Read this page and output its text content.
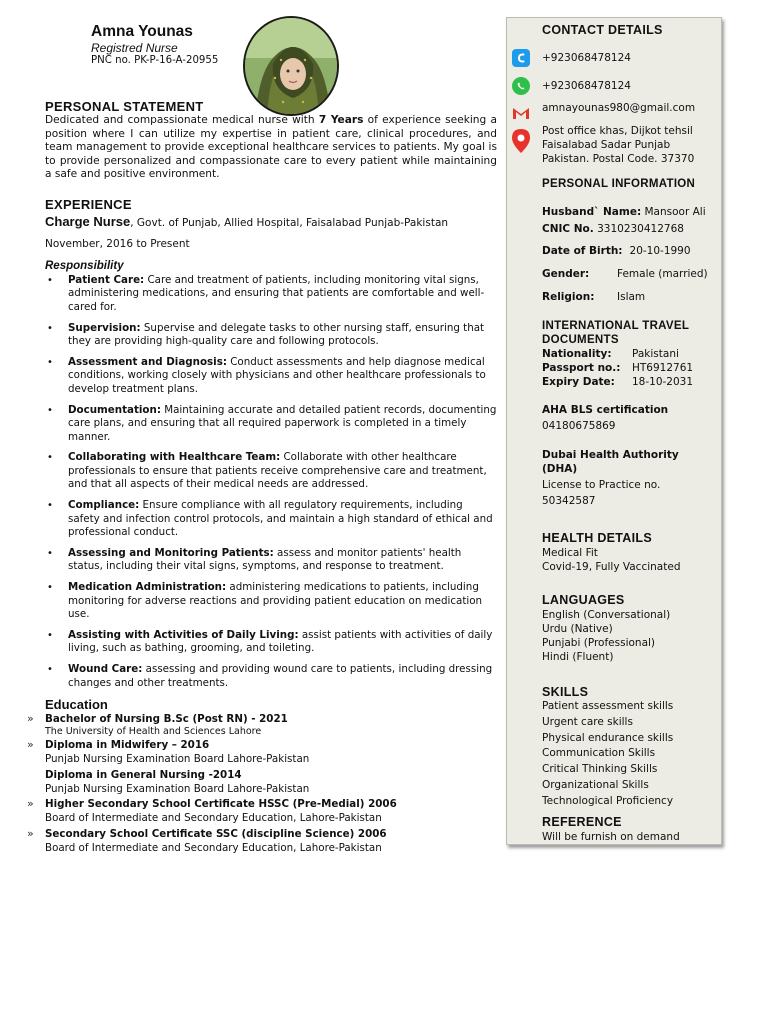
Amna Younas
Registred Nurse
PNC no. PK-P-16-A-20955
PERSONAL STATEMENT
Dedicated and compassionate medical nurse with 7 Years of experience seeking a position where I can utilize my expertise in patient care, clinical procedures, and team management to provide exceptional healthcare services to patients. My goal is to provide personalized and compassionate care to every patient while maintaining a safe and positive environment.
EXPERIENCE
Charge Nurse, Govt. of Punjab, Allied Hospital, Faisalabad Punjab-Pakistan
November, 2016 to Present
Responsibility
• Patient Care: Care and treatment of patients, including monitoring vital signs, administering medications, and ensuring that patients are comfortable and well-cared for.
• Supervision: Supervise and delegate tasks to other nursing staff, ensuring that they are providing high-quality care and following protocols.
• Assessment and Diagnosis: Conduct assessments and help diagnose medical conditions, working closely with physicians and other healthcare professionals to develop treatment plans.
• Documentation: Maintaining accurate and detailed patient records, documenting care plans, and ensuring that all required paperwork is completed in a timely manner.
• Collaborating with Healthcare Team: Collaborate with other healthcare professionals to ensure that patients receive comprehensive care and treatment, and that all aspects of their medical needs are addressed.
• Compliance: Ensure compliance with all regulatory requirements, including safety and infection control protocols, and maintain a high standard of ethical and professional conduct.
• Assessing and Monitoring Patients: assess and monitor patients' health status, including their vital signs, symptoms, and response to treatment.
• Medication Administration: administering medications to patients, including monitoring for adverse reactions and providing patient education on medication use.
• Assisting with Activities of Daily Living: assist patients with activities of daily living, such as bathing, grooming, and toileting.
• Wound Care: assessing and providing wound care to patients, including dressing changes and other treatments.
Education
» Bachelor of Nursing B.Sc (Post RN) - 2021
The University of Health and Sciences Lahore
» Diploma in Midwifery – 2016
Punjab Nursing Examination Board Lahore-Pakistan
Diploma in General Nursing -2014
Punjab Nursing Examination Board Lahore-Pakistan
» Higher Secondary School Certificate HSSC (Pre-Medial) 2006
Board of Intermediate and Secondary Education, Lahore-Pakistan
» Secondary School Certificate SSC (discipline Science) 2006
Board of Intermediate and Secondary Education, Lahore-Pakistan
CONTACT DETAILS
+923068478124
+923068478124
amnayounas980@gmail.com
Post office khas, Dijkot tehsil
Faisalabad Sadar Punjab
Pakistan. Postal Code. 37370
PERSONAL INFORMATION
Husband` Name: Mansoor Ali
CNIC No. 3310230412768
Date of Birth: 20-10-1990
Gender:	Female (married)
Religion: Islam
INTERNATIONAL TRAVEL
DOCUMENTS
Nationality: Pakistani
Passport no.: HT6912761
Expiry Date: 18-10-2031
AHA BLS certification
04180675869
Dubai Health Authority
(DHA)
License to Practice no.
50342587
HEALTH DETAILS
Medical Fit
Covid-19, Fully Vaccinated
LANGUAGES
English (Conversational)
Urdu (Native)
Punjabi (Professional)
Hindi (Fluent)
SKILLS
Patient assessment skills
Urgent care skills
Physical endurance skills
Communication Skills
Critical Thinking Skills
Organizational Skills
Technological Proficiency
REFERENCE
Will be furnish on demand
